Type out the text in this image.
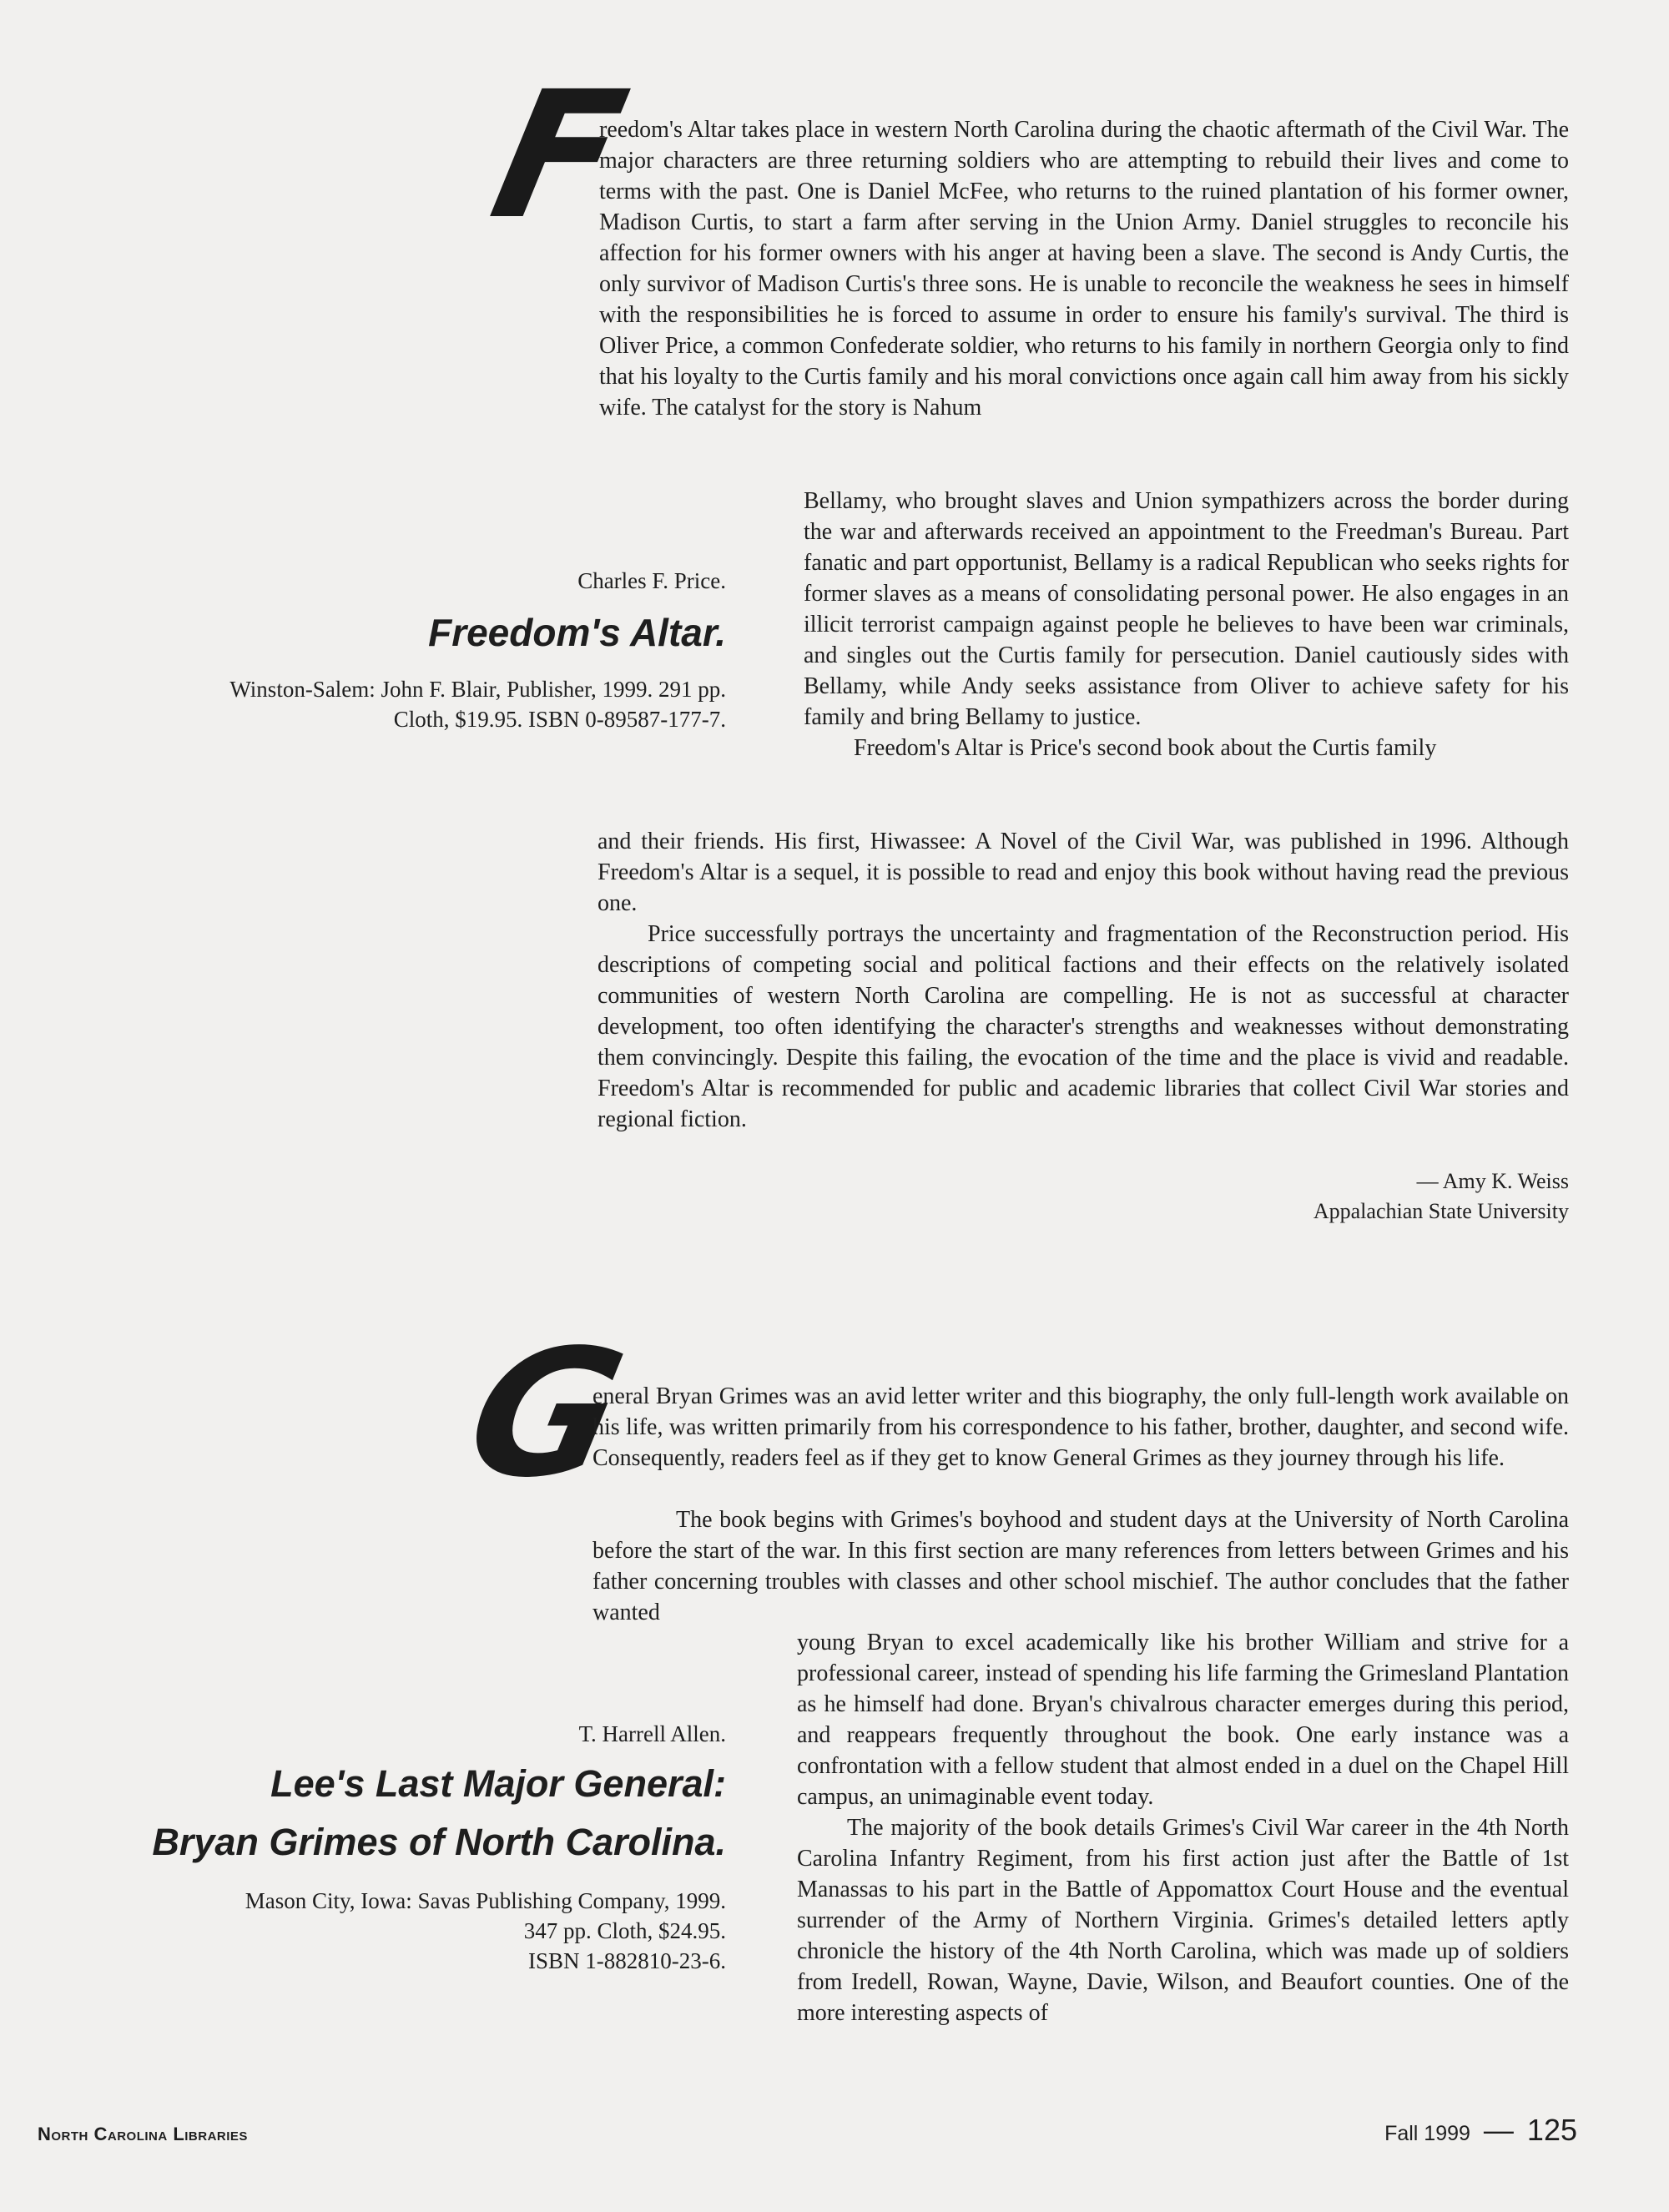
F

reedom's Altar takes place in western North Carolina during the chaotic aftermath of the Civil War. The major characters are three returning soldiers who are attempting to rebuild their lives and come to terms with the past. One is Daniel McFee, who returns to the ruined plantation of his former owner, Madison Curtis, to start a farm after serving in the Union Army. Daniel struggles to reconcile his affection for his former owners with his anger at having been a slave. The second is Andy Curtis, the only survivor of Madison Curtis's three sons. He is unable to reconcile the weakness he sees in himself with the responsibilities he is forced to assume in order to ensure his family's survival. The third is Oliver Price, a common Confederate soldier, who returns to his family in northern Georgia only to find that his loyalty to the Curtis family and his moral convictions once again call him away from his sickly wife. The catalyst for the story is Nahum

Bellamy, who brought slaves and Union sympathizers across the border during the war and afterwards received an appointment to the Freedman's Bureau. Part fanatic and part opportunist, Bellamy is a radical Republican who seeks rights for former slaves as a means of consolidating personal power. He also engages in an illicit terrorist campaign against people he believes to have been war criminals, and singles out the Curtis family for persecution. Daniel cautiously sides with Bellamy, while Andy seeks assistance from Oliver to achieve safety for his family and bring Bellamy to justice.

Freedom's Altar is Price's second book about the Curtis family

and their friends. His first, Hiwassee: A Novel of the Civil War, was published in 1996. Although Freedom's Altar is a sequel, it is possible to read and enjoy this book without having read the previous one.

Price successfully portrays the uncertainty and fragmentation of the Reconstruction period. His descriptions of competing social and political factions and their effects on the relatively isolated communities of western North Carolina are compelling. He is not as successful at character development, too often identifying the character's strengths and weaknesses without demonstrating them convincingly. Despite this failing, the evocation of the time and the place is vivid and readable. Freedom's Altar is recommended for public and academic libraries that collect Civil War stories and regional fiction.

— Amy K. Weiss
Appalachian State University
Charles F. Price.
Freedom's Altar.
Winston-Salem: John F. Blair, Publisher, 1999. 291 pp.
Cloth, $19.95. ISBN 0-89587-177-7.
G

eneral Bryan Grimes was an avid letter writer and this biography, the only full-length work available on his life, was written primarily from his correspondence to his father, brother, daughter, and second wife. Consequently, readers feel as if they get to know General Grimes as they journey through his life.

The book begins with Grimes's boyhood and student days at the University of North Carolina before the start of the war. In this first section are many references from letters between Grimes and his father concerning troubles with classes and other school mischief. The author concludes that the father wanted

young Bryan to excel academically like his brother William and strive for a professional career, instead of spending his life farming the Grimesland Plantation as he himself had done. Bryan's chivalrous character emerges during this period, and reappears frequently throughout the book. One early instance was a confrontation with a fellow student that almost ended in a duel on the Chapel Hill campus, an unimaginable event today.

The majority of the book details Grimes's Civil War career in the 4th North Carolina Infantry Regiment, from his first action just after the Battle of 1st Manassas to his part in the Battle of Appomattox Court House and the eventual surrender of the Army of Northern Virginia. Grimes's detailed letters aptly chronicle the history of the 4th North Carolina, which was made up of soldiers from Iredell, Rowan, Wayne, Davie, Wilson, and Beaufort counties. One of the more interesting aspects of

T. Harrell Allen.
Lee's Last Major General:
Bryan Grimes of North Carolina.
Mason City, Iowa: Savas Publishing Company, 1999.
347 pp. Cloth, $24.95.
ISBN 1-882810-23-6.
North Carolina Libraries	Fall 1999 — 125
